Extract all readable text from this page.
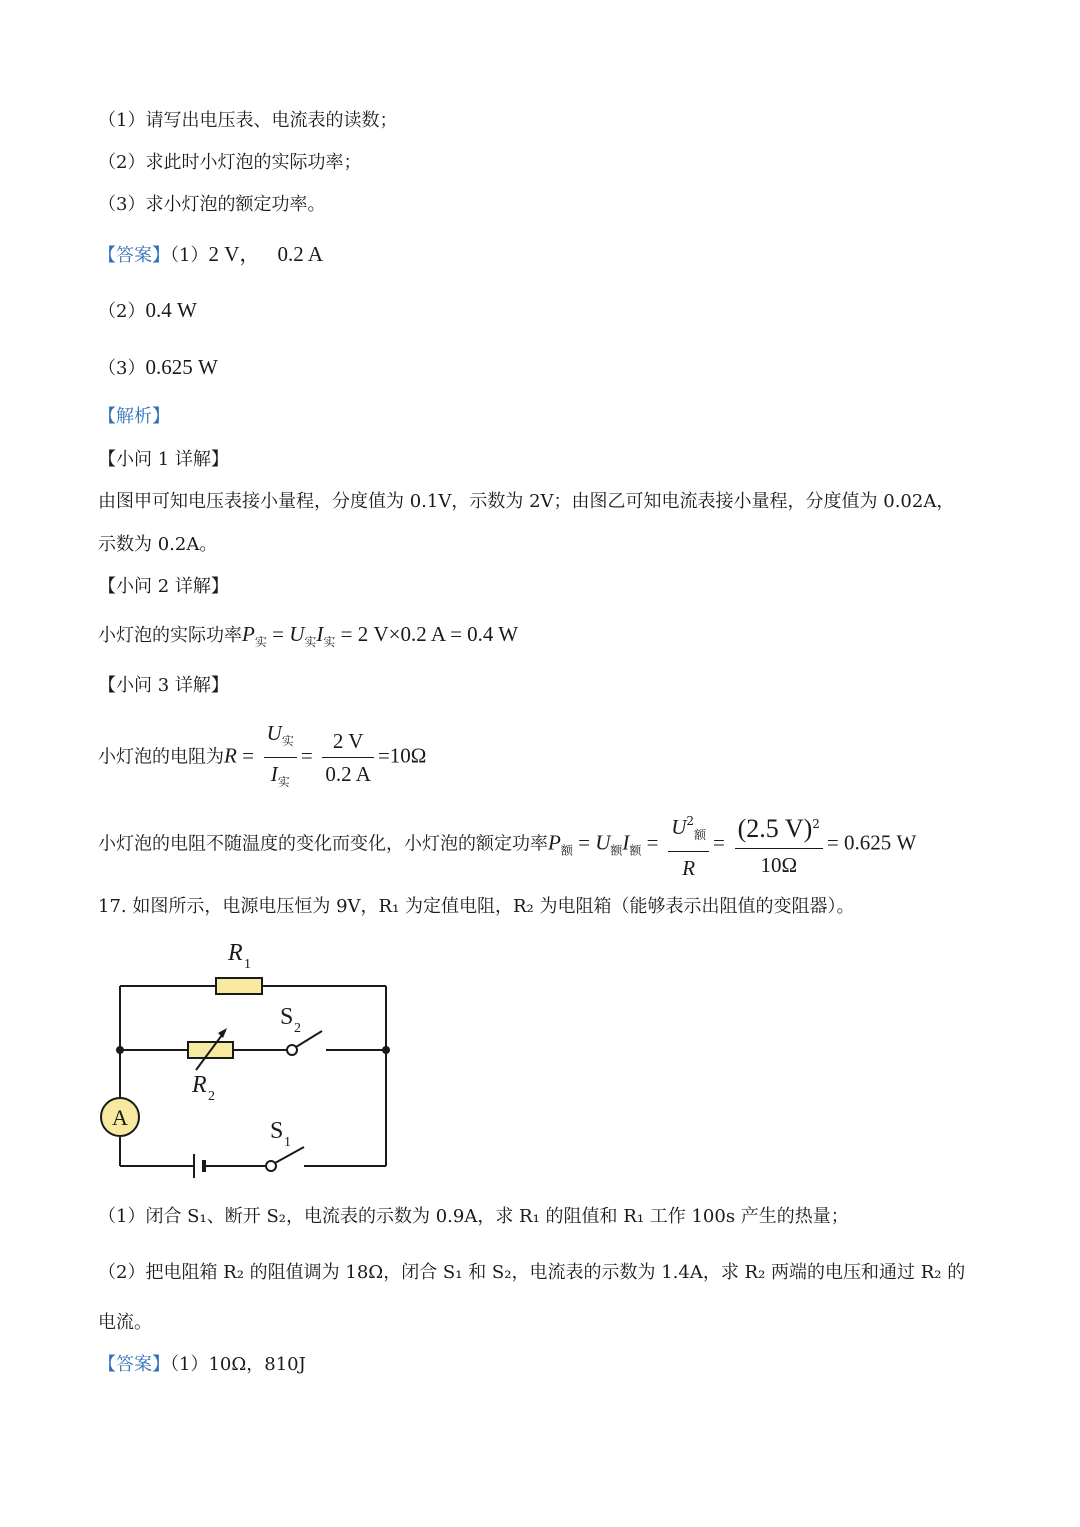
（1）请写出电压表、电流表的读数；
（2）求此时小灯泡的实际功率；
（3）求小灯泡的额定功率。
【答案】（1）2 V， 0.2 A
（2）0.4 W
（3）0.625 W
【解析】
【小问 1 详解】
由图甲可知电压表接小量程，分度值为 0.1V，示数为 2V；由图乙可知电流表接小量程，分度值为 0.02A，
示数为 0.2A。
【小问 2 详解】
小灯泡的实际功率$P_实 = U_实I_实 = 2$ V×0.2 A = 0.4 W
【小问 3 详解】
小灯泡的电阻为$R = \frac{U_实}{I_实} = \frac{2 V}{0.2 A} =10\Omega$
小灯泡的电阻不随温度的变化而变化，小灯泡的额定功率$P_额 = U_额I_额 = \frac{U^2_额}{R} = \frac{(2.5 V)^2}{10\Omega} = 0.625$ W
17. 如图所示，电源电压恒为 9V，R₁ 为定值电阻，R₂ 为电阻箱（能够表示出阻值的变阻器）。
A
R 1
R 2
S 2
S 1
（1）闭合 S₁、断开 S₂，电流表的示数为 0.9A，求 R₁ 的阻值和 R₁ 工作 100s 产生的热量；
（2）把电阻箱 R₂ 的阻值调为 18Ω，闭合 S₁ 和 S₂，电流表的示数为 1.4A，求 R₂ 两端的电压和通过 R₂ 的
电流。
【答案】（1）10Ω，810J
